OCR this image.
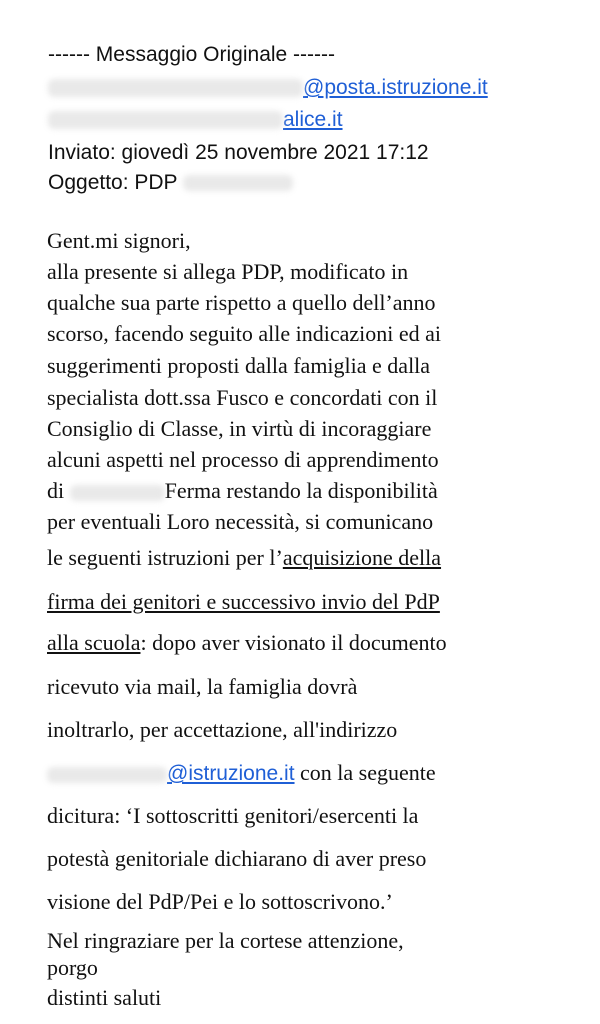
------ Messaggio Originale ------
@posta.istruzione.it
alice.it
Inviato: giovedì 25 novembre 2021 17:12
Oggetto: PDP
Gent.mi signori,
alla presente si allega PDP, modificato in
qualche sua parte rispetto a quello dell’anno
scorso, facendo seguito alle indicazioni ed ai
suggerimenti proposti dalla famiglia e dalla
specialista dott.ssa Fusco e concordati con il
Consiglio di Classe, in virtù di incoraggiare
alcuni aspetti nel processo di apprendimento
di	Ferma restando la disponibilità
per eventuali Loro necessità, si comunicano
le seguenti istruzioni per l’acquisizione della
firma dei genitori e successivo invio del PdP
alla scuola: dopo aver visionato il documento
ricevuto via mail, la famiglia dovrà
inoltrarlo, per accettazione, all'indirizzo
@istruzione.it con la seguente
dicitura: ‘I sottoscritti genitori/esercenti la
potestà genitoriale dichiarano di aver preso
visione del PdP/Pei e lo sottoscrivono.’
Nel ringraziare per la cortese attenzione,
porgo
distinti saluti
